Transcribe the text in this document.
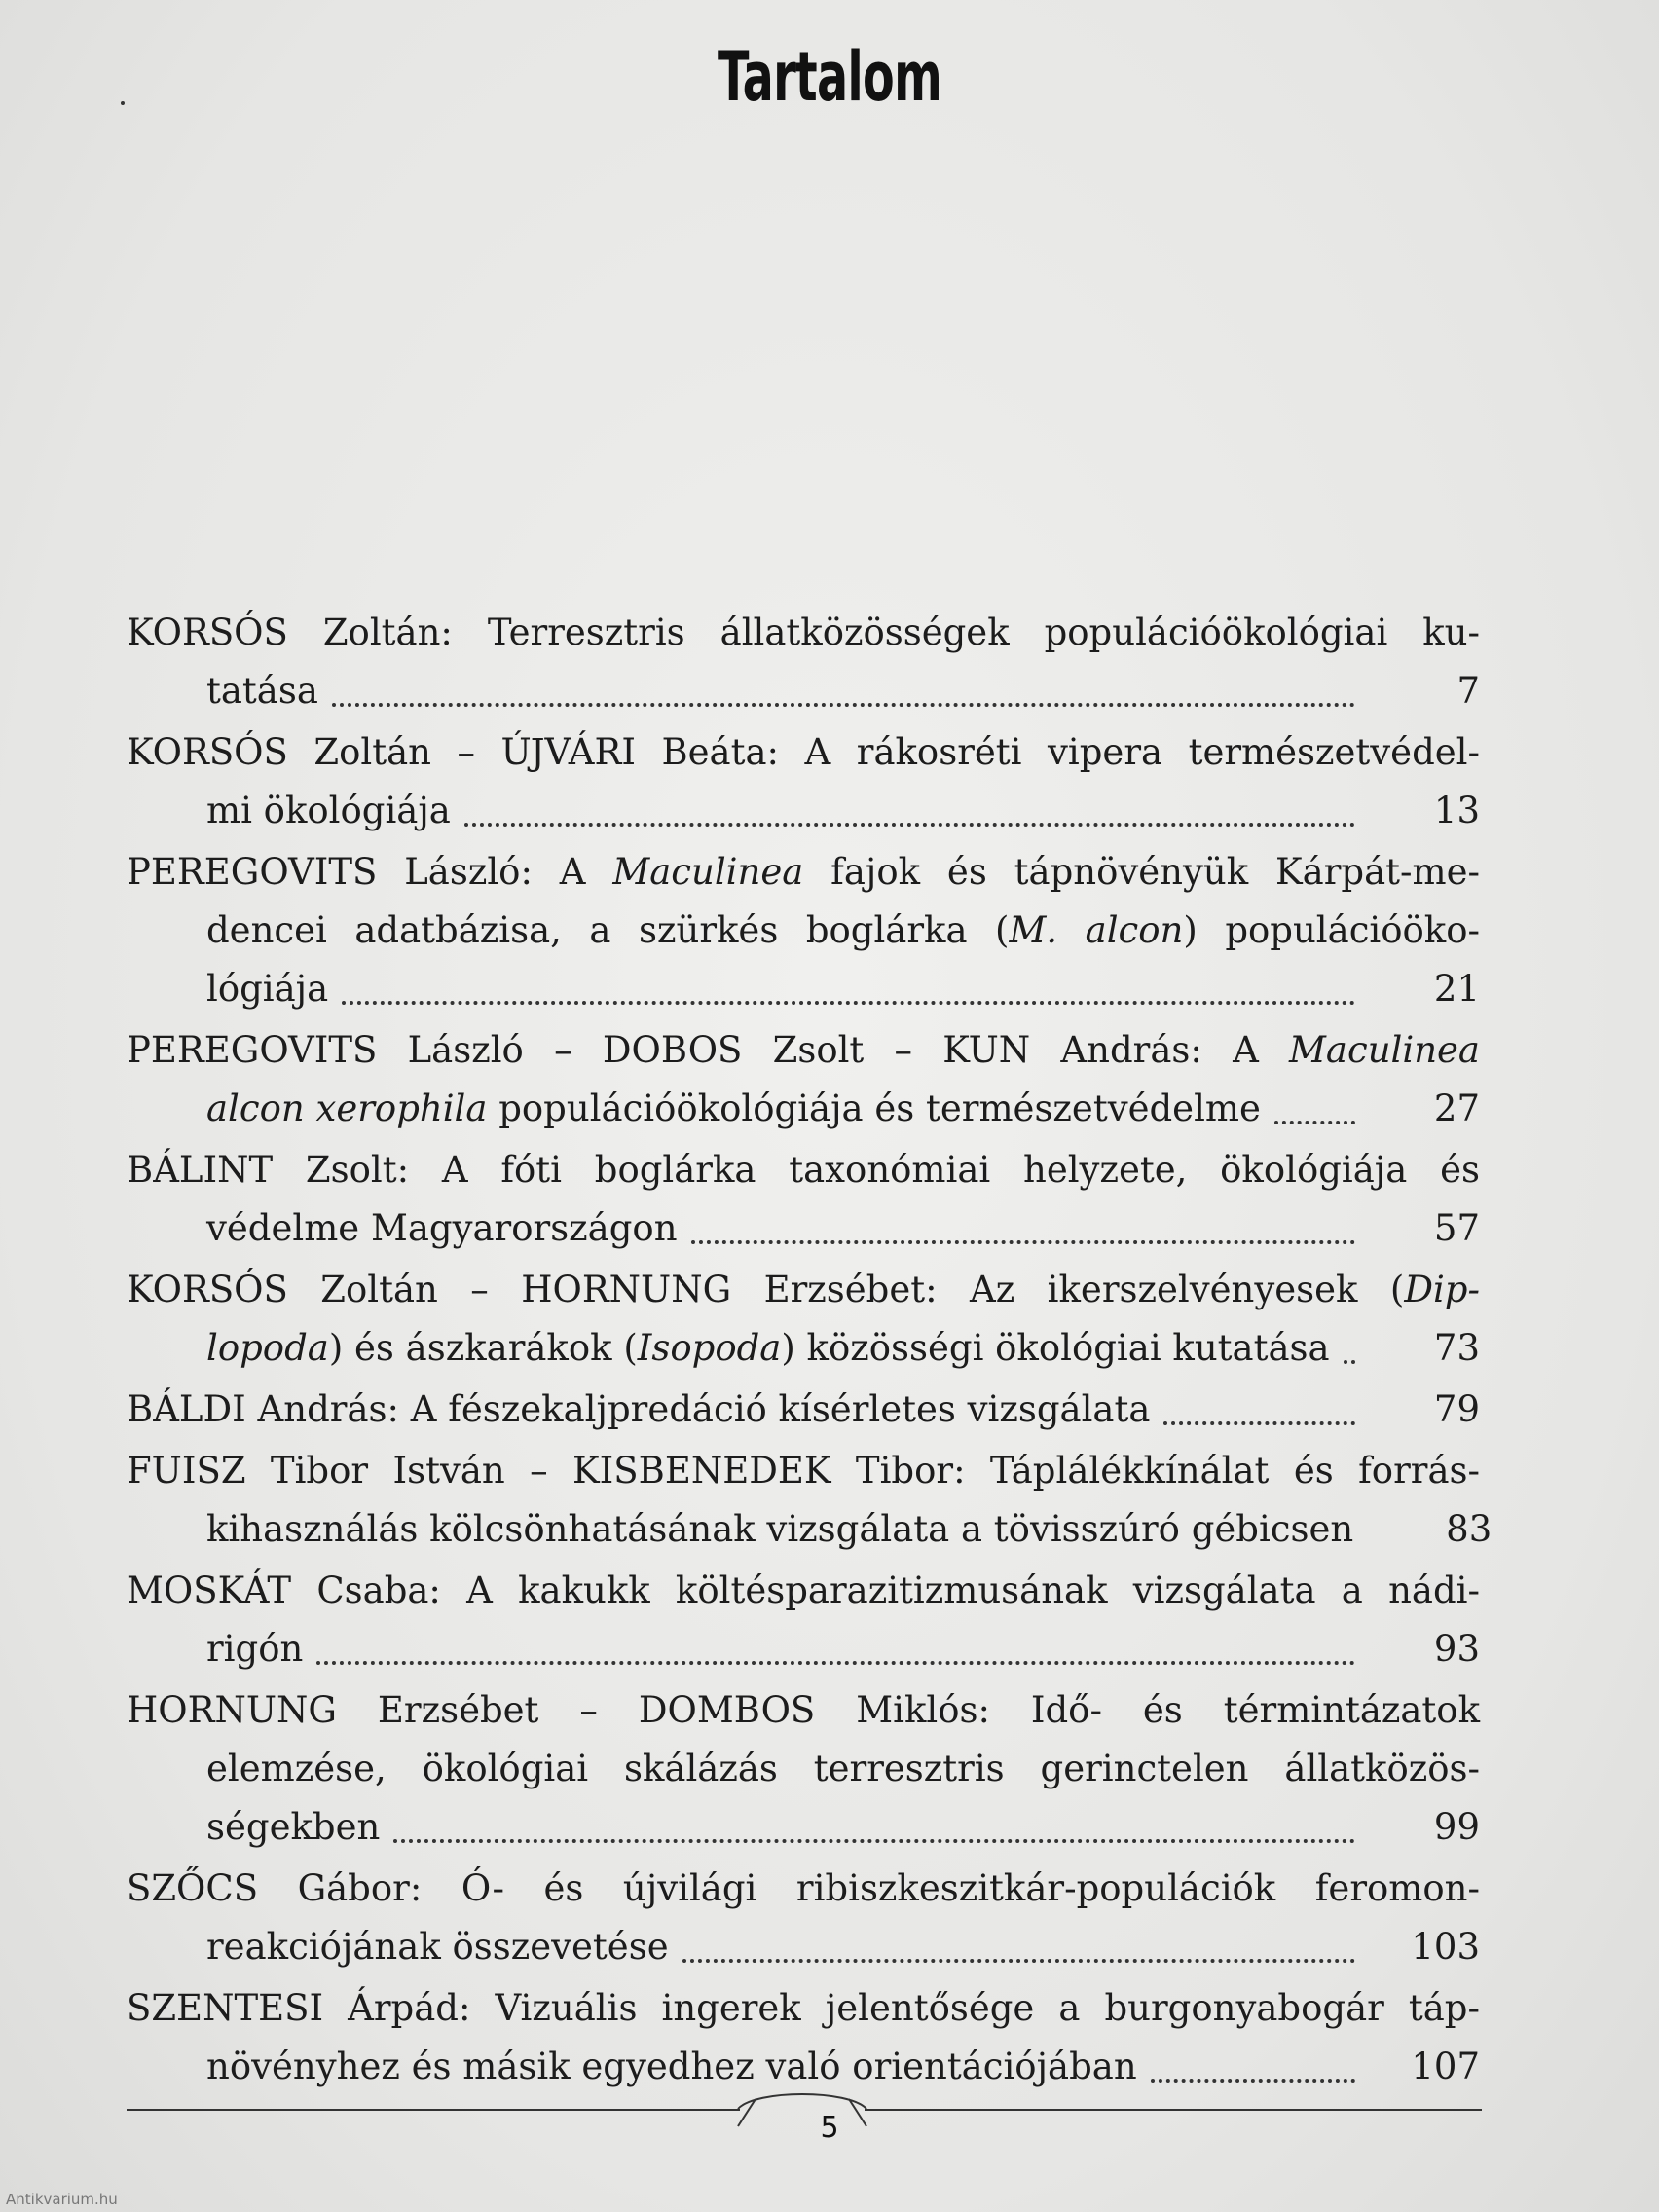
Tartalom
KORSÓS Zoltán: Terresztris állatközösségek populációökológiai ku-
tatása	7
KORSÓS Zoltán – ÚJVÁRI Beáta: A rákosréti vipera természetvédel-
mi ökológiája	13
PEREGOVITS László: A Maculinea fajok és tápnövényük Kárpát-me-
dencei adatbázisa, a szürkés boglárka (M. alcon) populációöko-
lógiája	21
PEREGOVITS László – DOBOS Zsolt – KUN András: A Maculinea
alcon xerophila populációökológiája és természetvédelme	27
BÁLINT Zsolt: A fóti boglárka taxonómiai helyzete, ökológiája és
védelme Magyarországon	57
KORSÓS Zoltán – HORNUNG Erzsébet: Az ikerszelvényesek (Dip-
lopoda) és ászkarákok (Isopoda) közösségi ökológiai kutatása	73
BÁLDI András: A fészekaljpredáció kísérletes vizsgálata	79
FUISZ Tibor István – KISBENEDEK Tibor: Táplálékkínálat és forrás-
kihasználás kölcsönhatásának vizsgálata a tövisszúró gébicsen	83
MOSKÁT Csaba: A kakukk költésparazitizmusának vizsgálata a nádi-
rigón	93
HORNUNG Erzsébet – DOMBOS Miklós: Idő- és términtázatok
elemzése, ökológiai skálázás terresztris gerinctelen állatközös-
ségekben	99
SZŐCS Gábor: Ó- és újvilági ribiszkeszitkár-populációk feromon-
reakciójának összevetése	103
SZENTESI Árpád: Vizuális ingerek jelentősége a burgonyabogár táp-
növényhez és másik egyedhez való orientációjában	107
5
Antikvarium.hu
